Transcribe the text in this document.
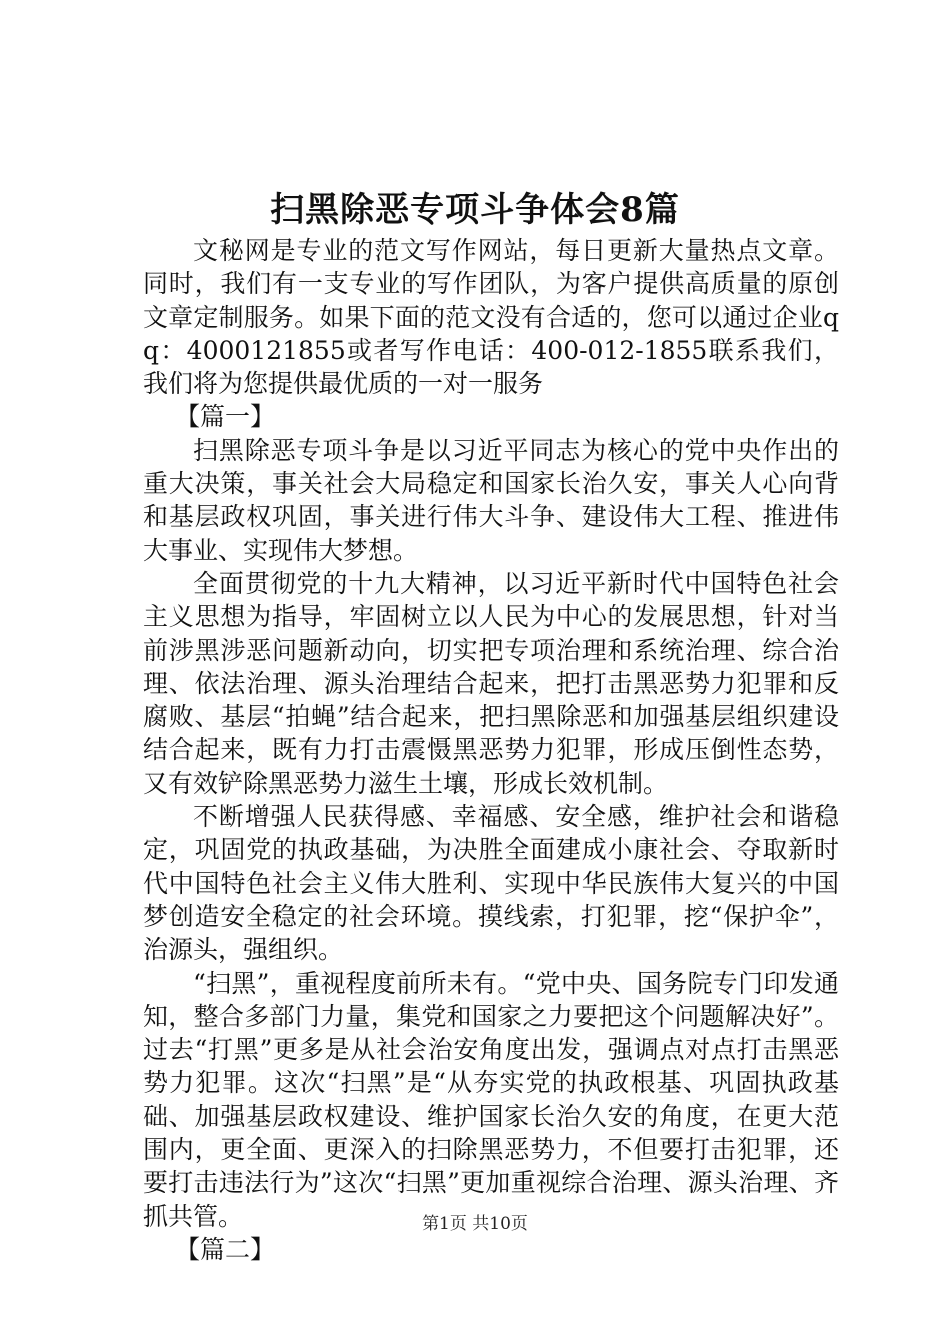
扫黑除恶专项斗争体会8篇

文秘网是专业的范文写作网站，每日更新大量热点文章。同时，我们有一支专业的写作团队，为客户提供高质量的原创文章定制服务。如果下面的范文没有合适的，您可以通过企业qq：4000121855或者写作电话：400-012-1855联系我们，我们将为您提供最优质的一对一服务

【篇一】

扫黑除恶专项斗争是以习近平同志为核心的党中央作出的重大决策，事关社会大局稳定和国家长治久安，事关人心向背和基层政权巩固，事关进行伟大斗争、建设伟大工程、推进伟大事业、实现伟大梦想。

全面贯彻党的十九大精神，以习近平新时代中国特色社会主义思想为指导，牢固树立以人民为中心的发展思想，针对当前涉黑涉恶问题新动向，切实把专项治理和系统治理、综合治理、依法治理、源头治理结合起来，把打击黑恶势力犯罪和反腐败、基层“拍蝇”结合起来，把扫黑除恶和加强基层组织建设结合起来，既有力打击震慑黑恶势力犯罪，形成压倒性态势，又有效铲除黑恶势力滋生土壤，形成长效机制。

不断增强人民获得感、幸福感、安全感，维护社会和谐稳定，巩固党的执政基础，为决胜全面建成小康社会、夺取新时代中国特色社会主义伟大胜利、实现中华民族伟大复兴的中国梦创造安全稳定的社会环境。摸线索，打犯罪，挖“保护伞”，治源头，强组织。

“扫黑”，重视程度前所未有。“党中央、国务院专门印发通知，整合多部门力量，集党和国家之力要把这个问题解决好”。过去“打黑”更多是从社会治安角度出发，强调点对点打击黑恶势力犯罪。这次“扫黑”是“从夯实党的执政根基、巩固执政基础、加强基层政权建设、维护国家长治久安的角度，在更大范围内，更全面、更深入的扫除黑恶势力，不但要打击犯罪，还要打击违法行为”这次“扫黑”更加重视综合治理、源头治理、齐抓共管。

【篇二】

第1页 共10页
